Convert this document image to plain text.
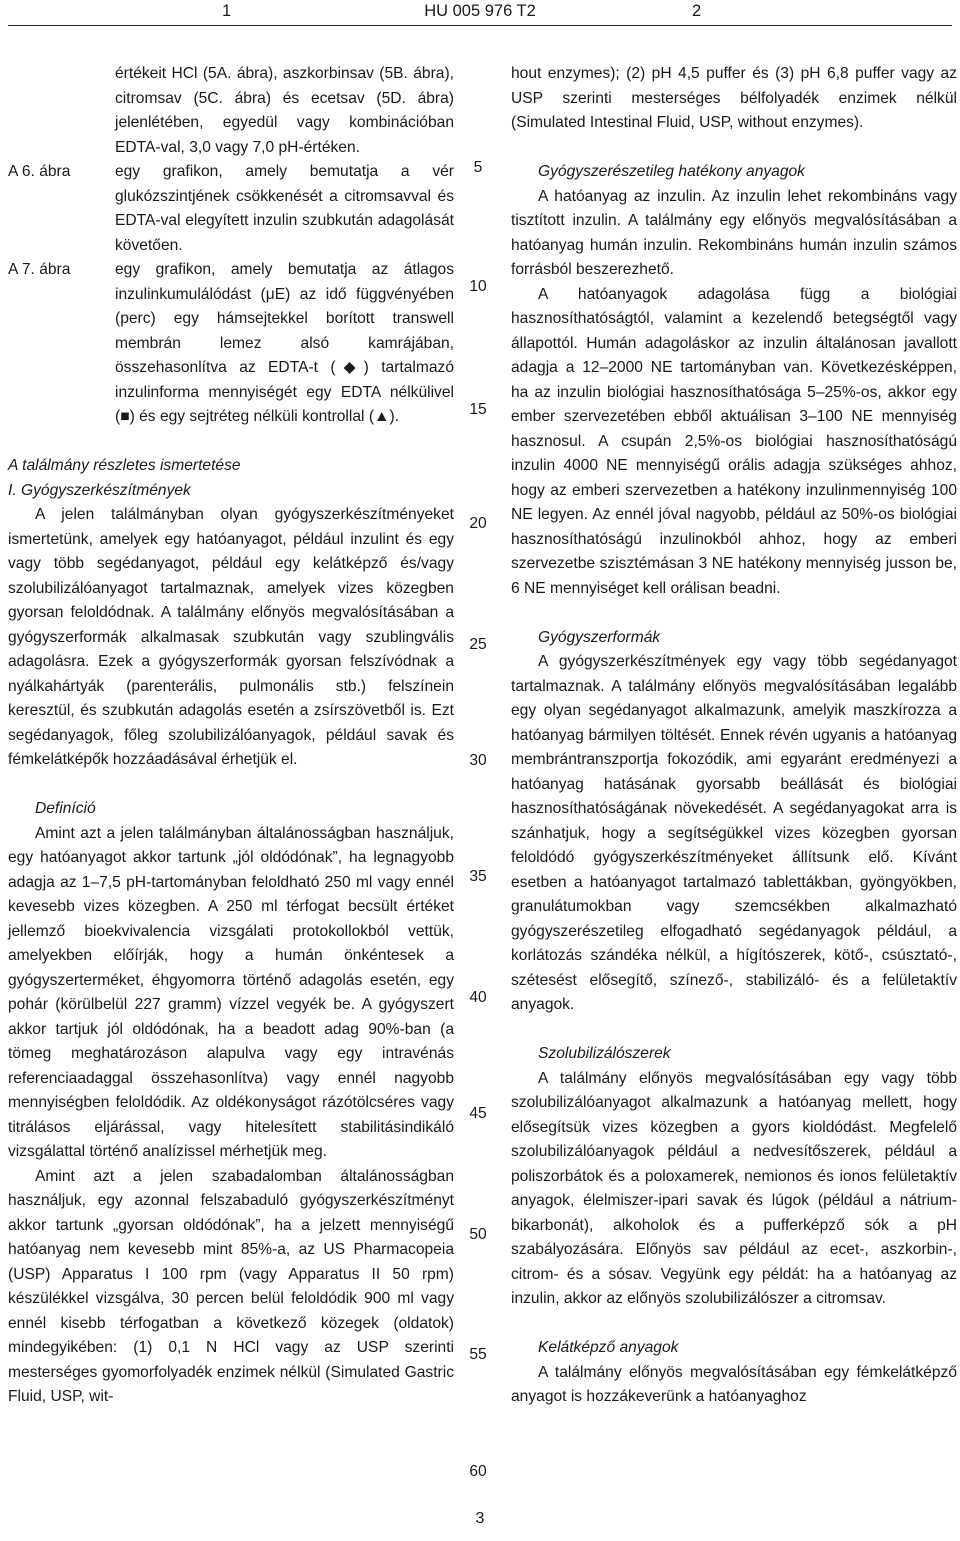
1	HU 005 976 T2	2

értékeit HCl (5A. ábra), aszkorbinsav (5B. ábra), citromsav (5C. ábra) és ecetsav (5D. ábra) jelenlétében, egyedül vagy kombinációban EDTA-val, 3,0 vagy 7,0 pH-értéken.

A 6. ábra	egy grafikon, amely bemutatja a vér glukózszintjének csökkenését a citromsavval és EDTA-val elegyített inzulin szubkután adagolását követően.
A 7. ábra	egy grafikon, amely bemutatja az átlagos inzulinkumulálódást (μE) az idő függvényében (perc) egy hámsejtekkel borított transwell membrán lemez alsó kamrájában, összehasonlítva az EDTA-t (◆) tartalmazó inzulinforma mennyiségét egy EDTA nélkülivel (■) és egy sejtréteg nélküli kontrollal (▲).

A találmány részletes ismertetése

I. Gyógyszerkészítmények

A jelen találmányban olyan gyógyszerkészítményeket ismertetünk, amelyek egy hatóanyagot, például inzulint és egy vagy több segédanyagot, például egy kelátképző és/vagy szolubilizálóanyagot tartalmaznak, amelyek vizes közegben gyorsan feloldódnak. A találmány előnyös megvalósításában a gyógyszerformák alkalmasak szubkután vagy szublingvális adagolásra. Ezek a gyógyszerformák gyorsan felszívódnak a nyálkahártyák (parenterális, pulmonális stb.) felszínein keresztül, és szubkután adagolás esetén a zsírszövetből is. Ezt segédanyagok, főleg szolubilizálóanyagok, például savak és fémkelátképők hozzáadásával érhetjük el.

Definíció

Amint azt a jelen találmányban általánosságban használjuk, egy hatóanyagot akkor tartunk „jól oldódónak”, ha legnagyobb adagja az 1–7,5 pH-tartományban feloldható 250 ml vagy ennél kevesebb vizes közegben. A 250 ml térfogat becsült értéket jellemző bioekvivalencia vizsgálati protokollokból vettük, amelyekben előírják, hogy a humán önkéntesek a gyógyszerterméket, éhgyomorra történő adagolás esetén, egy pohár (körülbelül 227 gramm) vízzel vegyék be. A gyógyszert akkor tartjuk jól oldódónak, ha a beadott adag 90%-ban (a tömeg meghatározáson alapulva vagy egy intravénás referenciaadaggal összehasonlítva) vagy ennél nagyobb mennyiségben feloldódik. Az oldékonyságot rázótölcséres vagy titrálásos eljárással, vagy hitelesített stabilitásindikáló vizsgálattal történő analízissel mérhetjük meg.

Amint azt a jelen szabadalomban általánosságban használjuk, egy azonnal felszabaduló gyógyszerkészítményt akkor tartunk „gyorsan oldódónak”, ha a jelzett mennyiségű hatóanyag nem kevesebb mint 85%-a, az US Pharmacopeia (USP) Apparatus I 100 rpm (vagy Apparatus II 50 rpm) készülékkel vizsgálva, 30 percen belül feloldódik 900 ml vagy ennél kisebb térfogatban a következő közegek (oldatok) mindegyikében: (1) 0,1 N HCl vagy az USP szerinti mesterséges gyomorfolyadék enzimek nélkül (Simulated Gastric Fluid, USP, wit-

hout enzymes); (2) pH 4,5 puffer és (3) pH 6,8 puffer vagy az USP szerinti mesterséges bélfolyadék enzimek nélkül (Simulated Intestinal Fluid, USP, without enzymes).

Gyógyszerészetileg hatékony anyagok

A hatóanyag az inzulin. Az inzulin lehet rekombináns vagy tisztított inzulin. A találmány egy előnyös megvalósításában a hatóanyag humán inzulin. Rekombináns humán inzulin számos forrásból beszerezhető.

A hatóanyagok adagolása függ a biológiai hasznosíthatóságtól, valamint a kezelendő betegségtől vagy állapottól. Humán adagoláskor az inzulin általánosan javallott adagja a 12–2000 NE tartományban van. Következésképpen, ha az inzulin biológiai hasznosíthatósága 5–25%-os, akkor egy ember szervezetében ebből aktuálisan 3–100 NE mennyiség hasznosul. A csupán 2,5%-os biológiai hasznosíthatóságú inzulin 4000 NE mennyiségű orális adagja szükséges ahhoz, hogy az emberi szervezetben a hatékony inzulinmennyiség 100 NE legyen. Az ennél jóval nagyobb, például az 50%-os biológiai hasznosíthatóságú inzulinokból ahhoz, hogy az emberi szervezetbe szisztémásan 3 NE hatékony mennyiség jusson be, 6 NE mennyiséget kell orálisan beadni.

Gyógyszerformák

A gyógyszerkészítmények egy vagy több segédanyagot tartalmaznak. A találmány előnyös megvalósításában legalább egy olyan segédanyagot alkalmazunk, amelyik maszkírozza a hatóanyag bármilyen töltését. Ennek révén ugyanis a hatóanyag membrántranszportja fokozódik, ami egyaránt eredményezi a hatóanyag hatásának gyorsabb beállását és biológiai hasznosíthatóságának növekedését. A segédanyagokat arra is szánhatjuk, hogy a segítségükkel vizes közegben gyorsan feloldódó gyógyszerkészítményeket állítsunk elő. Kívánt esetben a hatóanyagot tartalmazó tablettákban, gyöngyökben, granulátumokban vagy szemcsékben alkalmazható gyógyszerészetileg elfogadható segédanyagok például, a korlátozás szándéka nélkül, a hígítószerek, kötő-, csúsztató-, szétesést elősegítő, színező-, stabilizáló- és a felületaktív anyagok.

Szolubilizálószerek

A találmány előnyös megvalósításában egy vagy több szolubilizálóanyagot alkalmazunk a hatóanyag mellett, hogy elősegítsük vizes közegben a gyors kioldódást. Megfelelő szolubilizálóanyagok például a nedvesítőszerek, például a poliszorbátok és a poloxamerek, nemionos és ionos felületaktív anyagok, élelmiszer-ipari savak és lúgok (például a nátrium-bikarbonát), alkoholok és a pufferképző sók a pH szabályozására. Előnyös sav például az ecet-, aszkorbin-, citrom- és a sósav. Vegyünk egy példát: ha a hatóanyag az inzulin, akkor az előnyös szolubilizálószer a citromsav.

Kelátképző anyagok

A találmány előnyös megvalósításában egy fémkelátképző anyagot is hozzákeverünk a hatóanyaghoz

5
10
15
20
25
30
35
40
45
50
55
60
3
